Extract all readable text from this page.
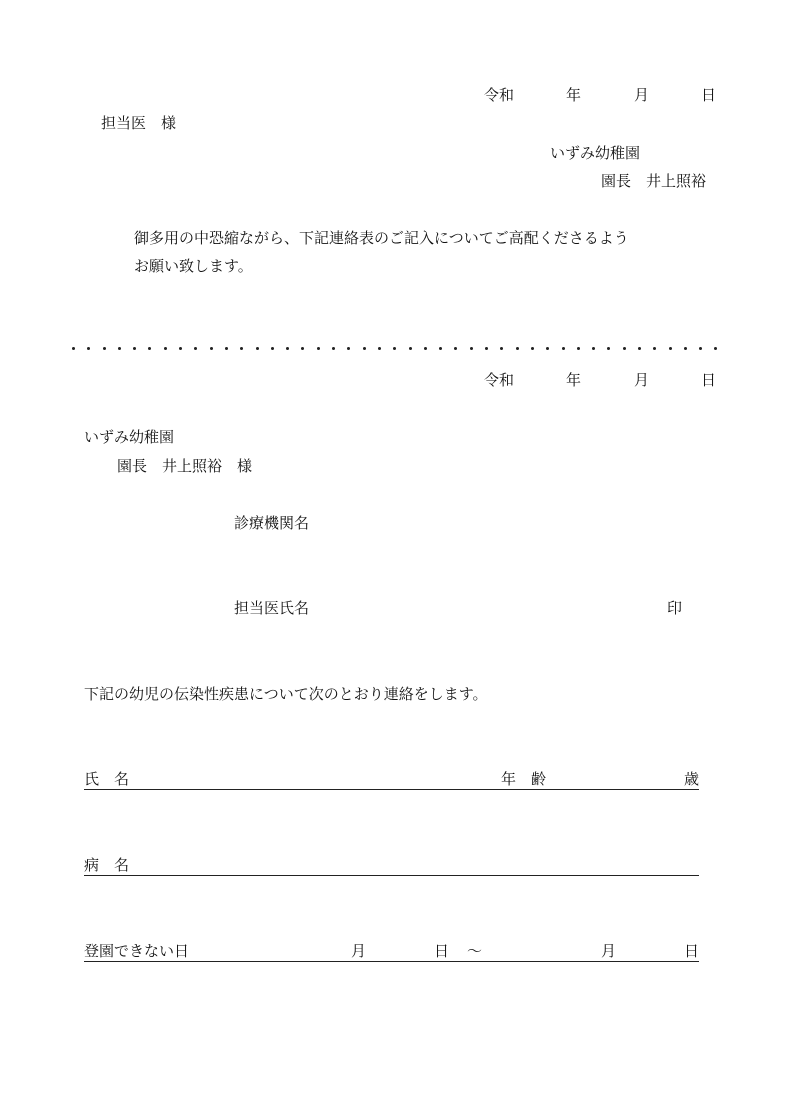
令和	年	月	日
担当医　様
いずみ幼稚園
園長　井上照裕
御多用の中恐縮ながら、下記連絡表のご記入についてご高配くださるよう
お願い致します。
令和	年	月	日
いずみ幼稚園
園長　井上照裕　様
診療機関名
担当医氏名	印
下記の幼児の伝染性疾患について次のとおり連絡をします。
氏　名	年　齢	歳
病　名
登園できない日	月	日 ～	月	日
